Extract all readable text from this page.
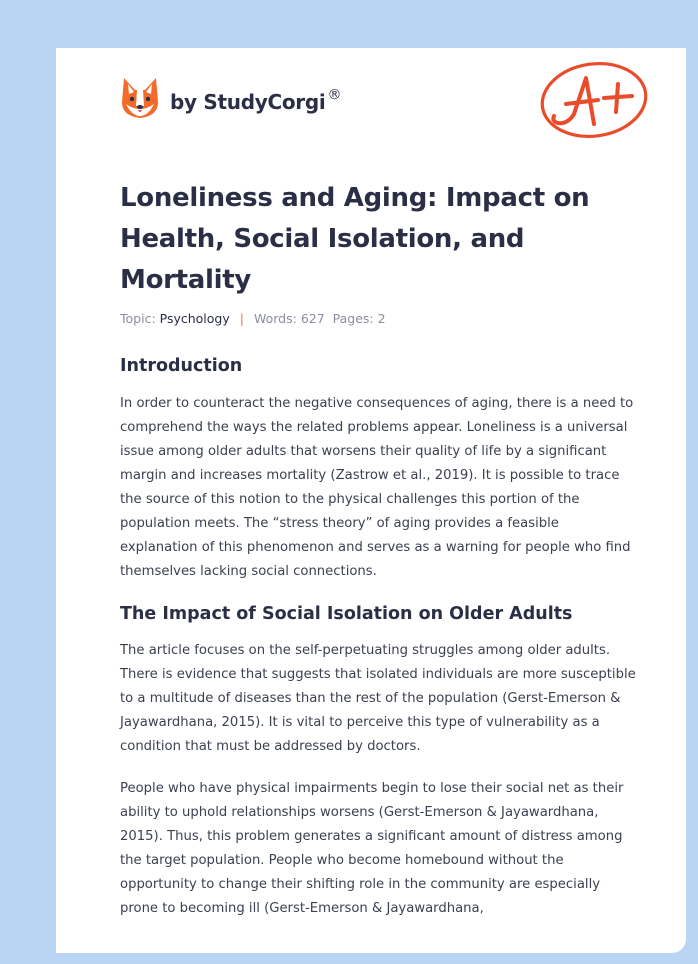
by StudyCorgi ®
Loneliness and Aging: Impact on Health, Social Isolation, and Mortality
Topic: Psychology | Words: 627 Pages: 2
Introduction

In order to counteract the negative consequences of aging, there is a need to comprehend the ways the related problems appear. Loneliness is a universal issue among older adults that worsens their quality of life by a significant margin and increases mortality (Zastrow et al., 2019). It is possible to trace the source of this notion to the physical challenges this portion of the population meets. The “stress theory” of aging provides a feasible explanation of this phenomenon and serves as a warning for people who find themselves lacking social connections.

The Impact of Social Isolation on Older Adults

The article focuses on the self-perpetuating struggles among older adults. There is evidence that suggests that isolated individuals are more susceptible to a multitude of diseases than the rest of the population (Gerst-Emerson & Jayawardhana, 2015). It is vital to perceive this type of vulnerability as a condition that must be addressed by doctors.

People who have physical impairments begin to lose their social net as their ability to uphold relationships worsens (Gerst-Emerson & Jayawardhana, 2015). Thus, this problem generates a significant amount of distress among the target population. People who become homebound without the opportunity to change their shifting role in the community are especially prone to becoming ill (Gerst-Emerson & Jayawardhana,
